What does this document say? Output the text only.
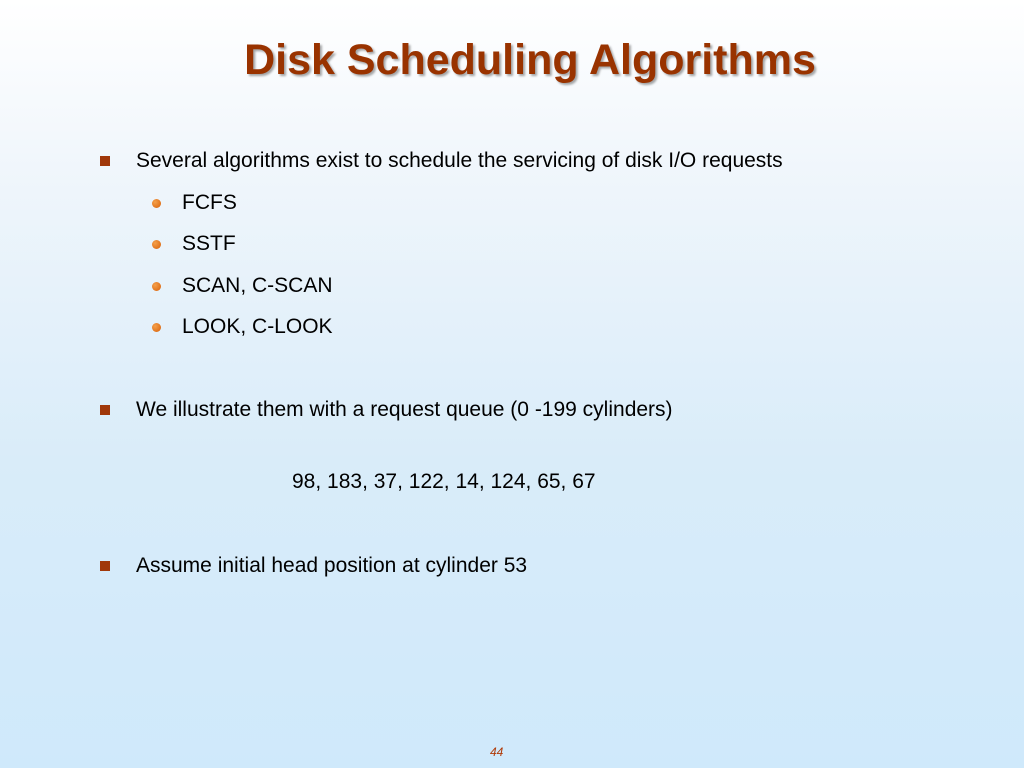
Disk Scheduling Algorithms
Several algorithms exist to schedule the servicing of disk I/O requests
FCFS
SSTF
SCAN, C-SCAN
LOOK, C-LOOK
We illustrate them with a request queue (0 -199 cylinders)
98, 183, 37, 122, 14, 124, 65, 67
Assume initial head position at cylinder 53
44
